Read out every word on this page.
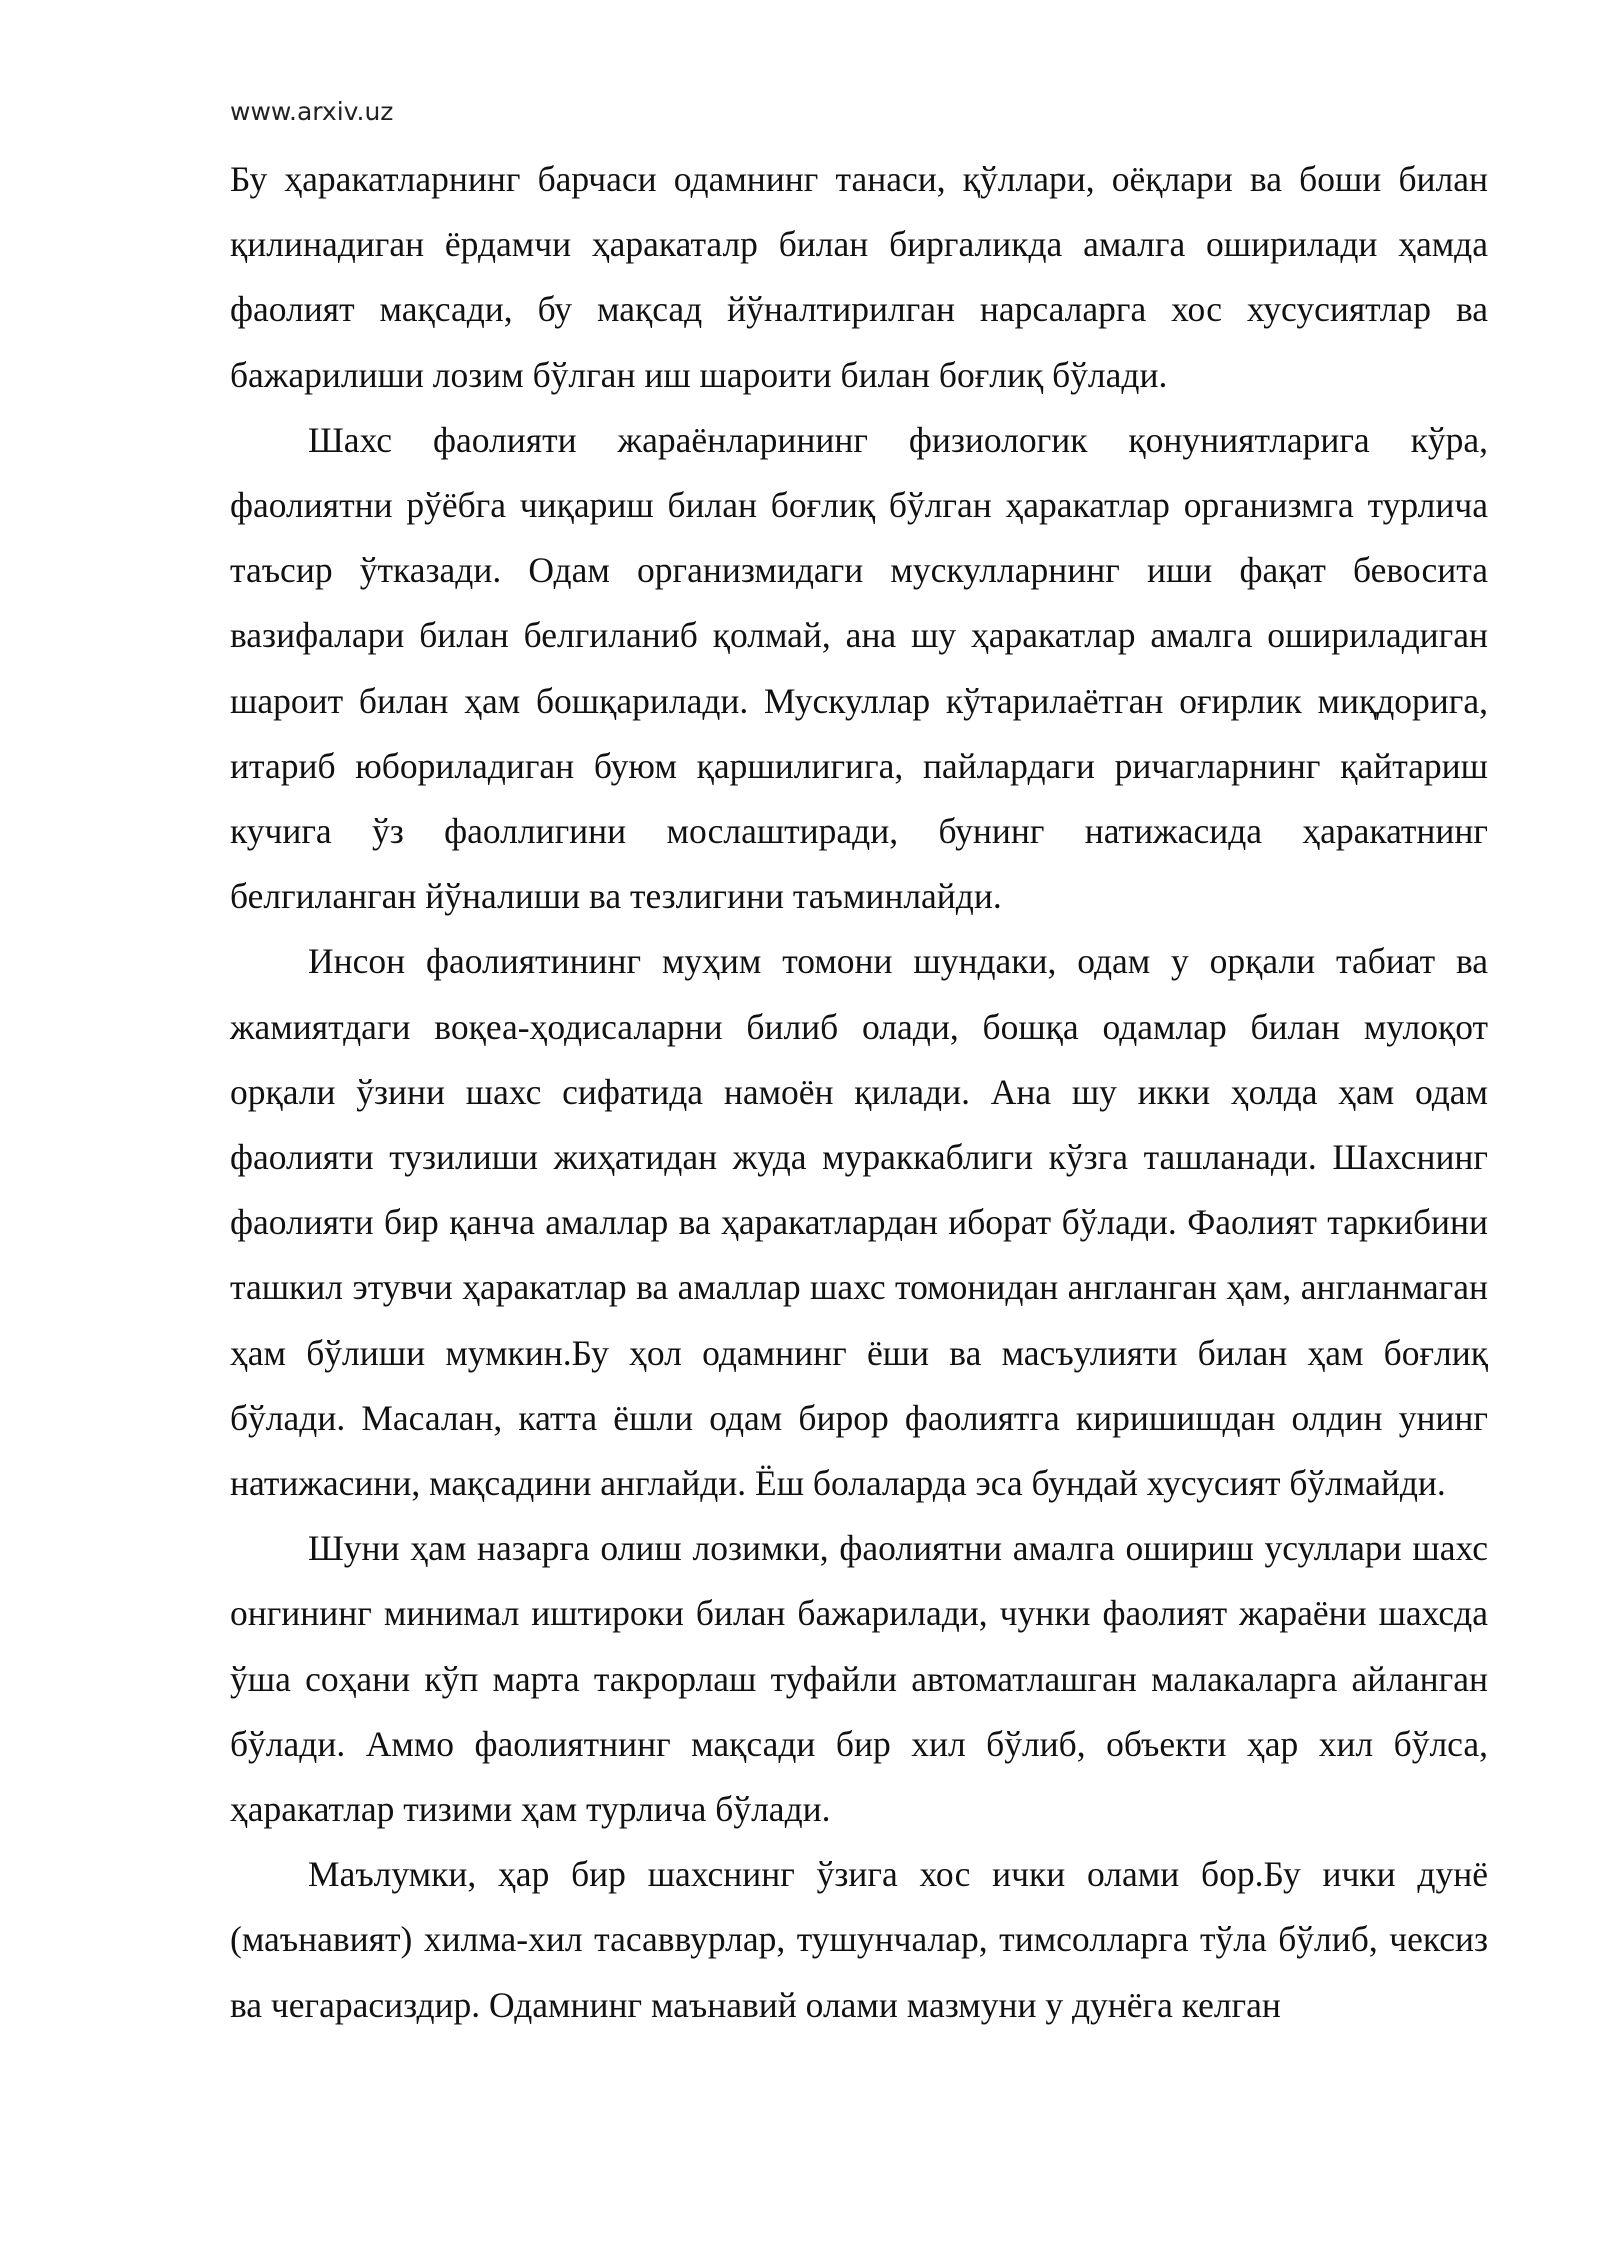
www.arxiv.uz

Бу ҳаракатларнинг барчаси одамнинг танаси, қўллари, оёқлари ва боши билан қилинадиган ёрдамчи ҳаракаталр билан биргаликда амалга оширилади ҳамда фаолият мақсади, бу мақсад йўналтирилган нарсаларга хос хусусиятлар ва бажарилиши лозим бўлган иш шароити билан боғлиқ бўлади.

Шахс фаолияти жараёнларининг физиологик қонуниятларига кўра, фаолиятни рўёбга чиқариш билан боғлиқ бўлган ҳаракатлар организмга турлича таъсир ўтказади. Одам организмидаги мускулларнинг иши фақат бевосита вазифалари билан белгиланиб қолмай, ана шу ҳаракатлар амалга ошириладиган шароит билан ҳам бошқарилади. Мускуллар кўтарилаётган оғирлик миқдорига, итариб юбориладиган буюм қаршилигига, пайлардаги ричагларнинг қайтариш кучига ўз фаоллигини мослаштиради, бунинг натижасида ҳаракатнинг белгиланган йўналиши ва тезлигини таъминлайди.

Инсон фаолиятининг муҳим томони шундаки, одам у орқали табиат ва жамиятдаги воқеа-ҳодисаларни билиб олади, бошқа одамлар билан мулоқот орқали ўзини шахс сифатида намоён қилади. Ана шу икки ҳолда ҳам одам фаолияти тузилиши жиҳатидан жуда мураккаблиги кўзга ташланади. Шахснинг фаолияти бир қанча амаллар ва ҳаракатлардан иборат бўлади. Фаолият таркибини ташкил этувчи ҳаракатлар ва амаллар шахс томонидан англанган ҳам, англанмаган ҳам бўлиши мумкин.Бу ҳол одамнинг ёши ва масъулияти билан ҳам боғлиқ бўлади. Масалан, катта ёшли одам бирор фаолиятга киришишдан олдин унинг натижасини, мақсадини англайди. Ёш болаларда эса бундай хусусият бўлмайди.

Шуни ҳам назарга олиш лозимки, фаолиятни амалга ошириш усуллари шахс онгининг минимал иштироки билан бажарилади, чунки фаолият жараёни шахсда ўша соҳани кўп марта такрорлаш туфайли автоматлашган малакаларга айланган бўлади. Аммо фаолиятнинг мақсади бир хил бўлиб, объекти ҳар хил бўлса, ҳаракатлар тизими ҳам турлича бўлади.

Маълумки, ҳар бир шахснинг ўзига хос ички олами бор.Бу ички дунё (маънавият) хилма-хил тасаввурлар, тушунчалар, тимсолларга тўла бўлиб, чексиз ва чегарасиздир. Одамнинг маънавий олами мазмуни у дунёга келган
